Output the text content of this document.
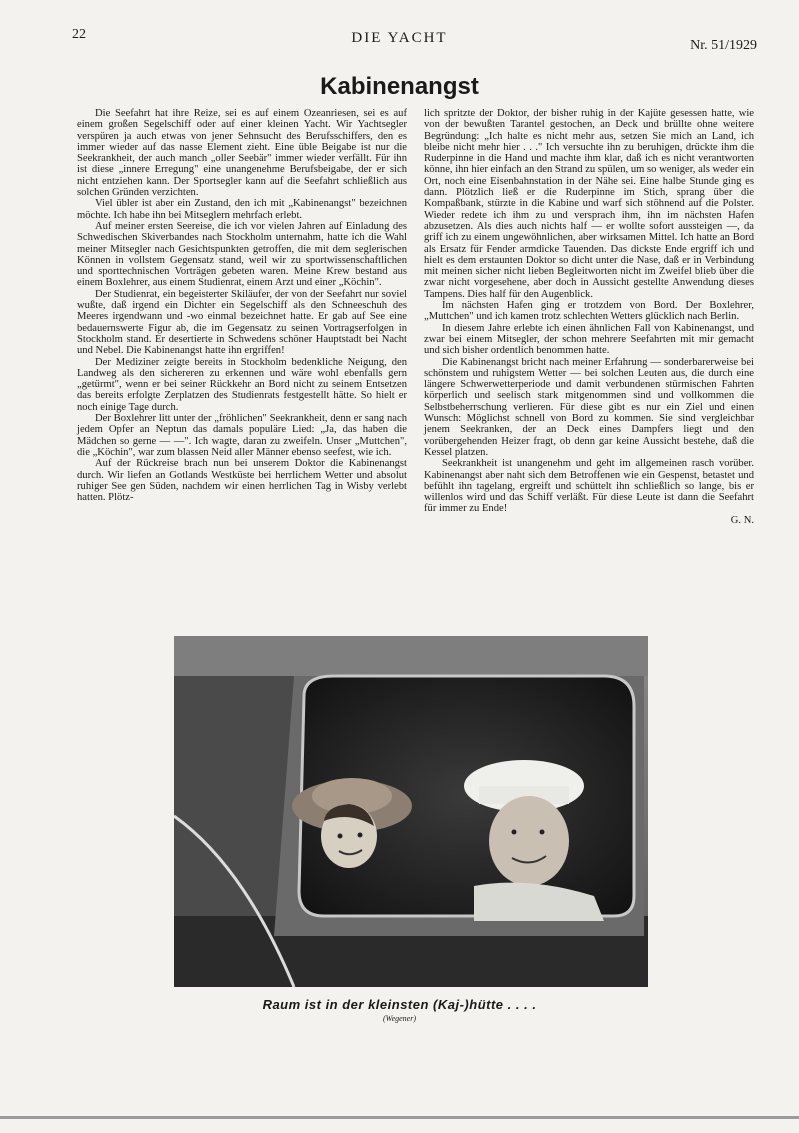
22	DIE YACHT	Nr. 51/1929
Kabinenangst

Die Seefahrt hat ihre Reize, sei es auf einem Ozeanriesen, sei es auf einem großen Segelschiff oder auf einer kleinen Yacht. Wir Yachtsegler verspüren ja auch etwas von jener Sehnsucht des Berufsschiffers, den es immer wieder auf das nasse Element zieht. Eine üble Beigabe ist nur die Seekrankheit, der auch manch „oller Seebär" immer wieder verfällt. Für ihn ist diese „innere Erregung" eine unangenehme Berufsbeigabe, der er sich nicht entziehen kann. Der Sportsegler kann auf die Seefahrt schließlich aus solchen Gründen verzichten.

Viel übler ist aber ein Zustand, den ich mit „Kabinenangst" bezeichnen möchte. Ich habe ihn bei Mitseglern mehrfach erlebt.

Auf meiner ersten Seereise, die ich vor vielen Jahren auf Einladung des Schwedischen Skiverbandes nach Stockholm unternahm, hatte ich die Wahl meiner Mitsegler nach Gesichtspunkten getroffen, die mit dem seglerischen Können in vollstem Gegensatz stand, weil wir zu sportwissenschaftlichen und sporttechnischen Vorträgen gebeten waren. Meine Krew bestand aus einem Boxlehrer, aus einem Studienrat, einem Arzt und einer „Köchin".

Der Studienrat, ein begeisterter Skiläufer, der von der Seefahrt nur soviel wußte, daß irgend ein Dichter ein Segelschiff als den Schneeschuh des Meeres irgendwann und -wo einmal bezeichnet hatte. Er gab auf See eine bedauernswerte Figur ab, die im Gegensatz zu seinen Vortragserfolgen in Stockholm stand. Er desertierte in Schwedens schöner Hauptstadt bei Nacht und Nebel. Die Kabinenangst hatte ihn ergriffen!

Der Mediziner zeigte bereits in Stockholm bedenkliche Neigung, den Landweg als den sichereren zu erkennen und wäre wohl ebenfalls gern „getürmt", wenn er bei seiner Rückkehr an Bord nicht zu seinem Entsetzen das bereits erfolgte Zerplatzen des Studienrats festgestellt hätte. So hielt er noch einige Tage durch.

Der Boxlehrer litt unter der „fröhlichen" Seekrankheit, denn er sang nach jedem Opfer an Neptun das damals populäre Lied: „Ja, das haben die Mädchen so gerne — —". Ich wagte, daran zu zweifeln. Unser „Muttchen", die „Köchin", war zum blassen Neid aller Männer ebenso seefest, wie ich.

Auf der Rückreise brach nun bei unserem Doktor die Kabinenangst durch. Wir liefen an Gotlands Westküste bei herrlichem Wetter und absolut ruhiger See gen Süden, nachdem wir einen herrlichen Tag in Wisby verlebt hatten. Plötz-

lich spritzte der Doktor, der bisher ruhig in der Kajüte gesessen hatte, wie von der bewußten Tarantel gestochen, an Deck und brüllte ohne weitere Begründung: „Ich halte es nicht mehr aus, setzen Sie mich an Land, ich bleibe nicht mehr hier . . ." Ich versuchte ihn zu beruhigen, drückte ihm die Ruderpinne in die Hand und machte ihm klar, daß ich es nicht verantworten könne, ihn hier einfach an den Strand zu spülen, um so weniger, als weder ein Ort, noch eine Eisenbahnstation in der Nähe sei. Eine halbe Stunde ging es dann. Plötzlich ließ er die Ruderpinne im Stich, sprang über die Kompaßbank, stürzte in die Kabine und warf sich stöhnend auf die Polster. Wieder redete ich ihm zu und versprach ihm, ihn im nächsten Hafen abzusetzen. Als dies auch nichts half — er wollte sofort aussteigen —, da griff ich zu einem ungewöhnlichen, aber wirksamen Mittel. Ich hatte an Bord als Ersatz für Fender armdicke Tauenden. Das dickste Ende ergriff ich und hielt es dem erstaunten Doktor so dicht unter die Nase, daß er in Verbindung mit meinen sicher nicht lieben Begleitworten nicht im Zweifel blieb über die zwar nicht vorgesehene, aber doch in Aussicht gestellte Anwendung dieses Tampens. Dies half für den Augenblick.

Im nächsten Hafen ging er trotzdem von Bord. Der Boxlehrer, „Muttchen" und ich kamen trotz schlechten Wetters glücklich nach Berlin.

In diesem Jahre erlebte ich einen ähnlichen Fall von Kabinenangst, und zwar bei einem Mitsegler, der schon mehrere Seefahrten mit mir gemacht und sich bisher ordentlich benommen hatte.

Die Kabinenangst bricht nach meiner Erfahrung — sonderbarerweise bei schönstem und ruhigstem Wetter — bei solchen Leuten aus, die durch eine längere Schwerwetterperiode und damit verbundenen stürmischen Fahrten körperlich und seelisch stark mitgenommen sind und vollkommen die Selbstbeherrschung verlieren. Für diese gibt es nur ein Ziel und einen Wunsch: Möglichst schnell von Bord zu kommen. Sie sind vergleichbar jenem Seekranken, der an Deck eines Dampfers liegt und den vorübergehenden Heizer fragt, ob denn gar keine Aussicht bestehe, daß die Kessel platzen.

Seekrankheit ist unangenehm und geht im allgemeinen rasch vorüber. Kabinenangst aber naht sich dem Betroffenen wie ein Gespenst, betastet und befühlt ihn tagelang, ergreift und schüttelt ihn schließlich so lange, bis er willenlos wird und das Schiff verläßt. Für diese Leute ist dann die Seefahrt für immer zu Ende!

G. N.
Raum ist in der kleinsten (Kaj-)hütte . . . .
(Wegener)
